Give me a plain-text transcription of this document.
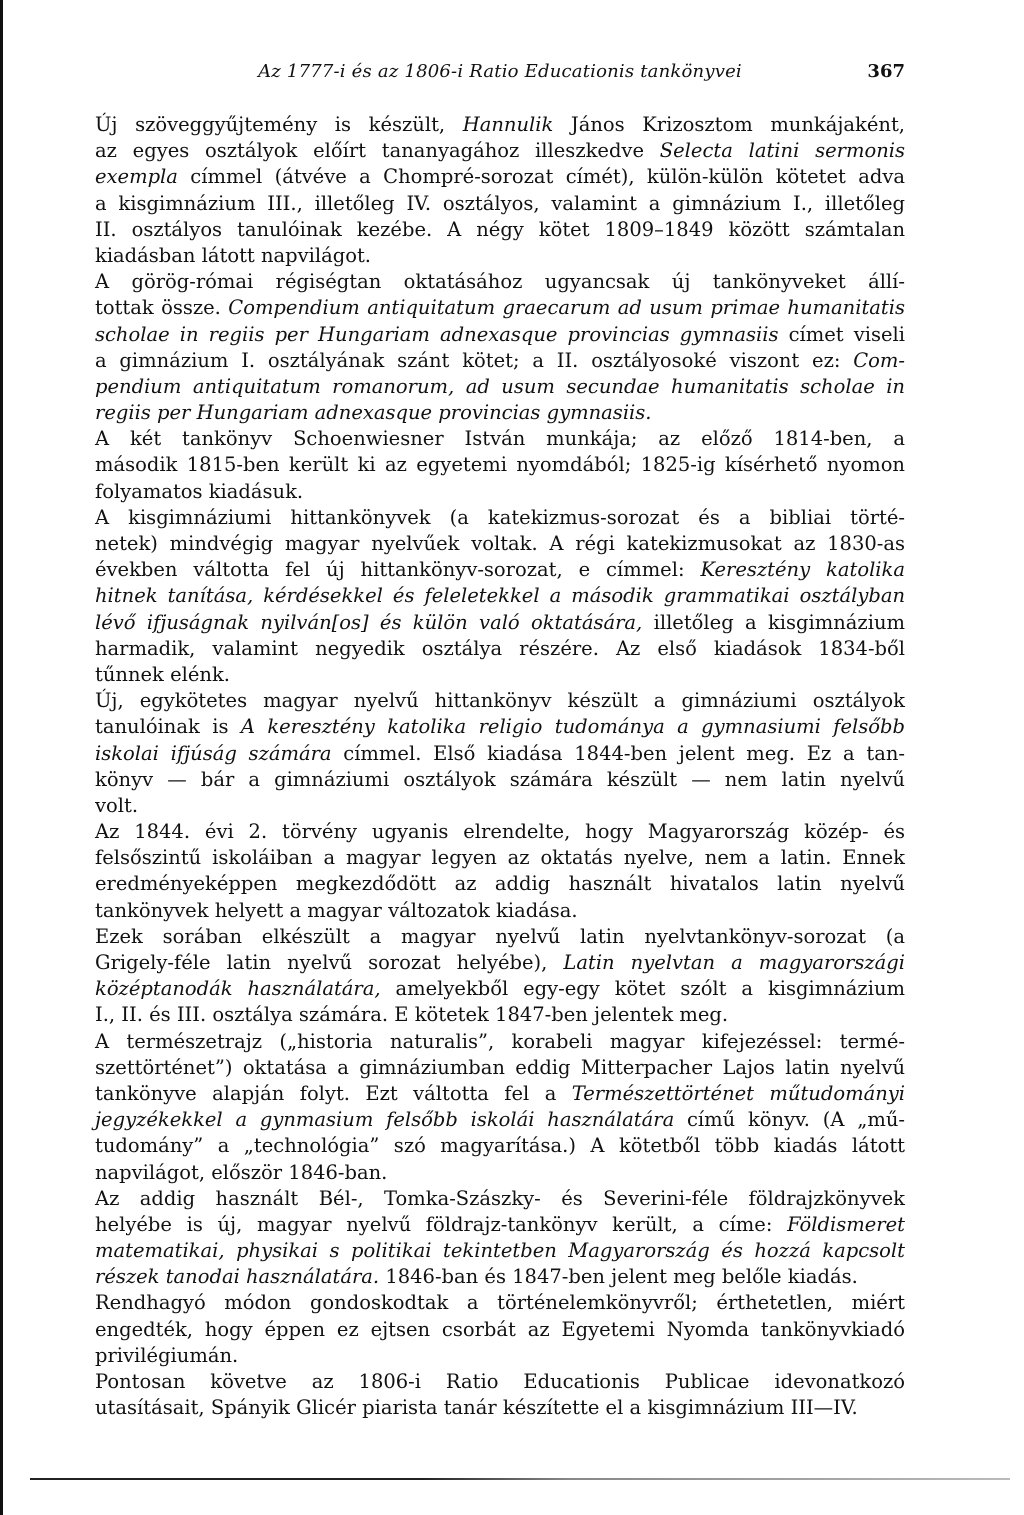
Az 1777-i és az 1806-i Ratio Educationis tankönyvei	367
Új szöveggyűjtemény is készült, Hannulik János Krizosztom munkájaként,
az egyes osztályok előírt tananyagához illeszkedve Selecta latini sermonis
exempla címmel (átvéve a Chompré-sorozat címét), külön-külön kötetet adva
a kisgimnázium III., illetőleg IV. osztályos, valamint a gimnázium I., illetőleg
II. osztályos tanulóinak kezébe. A négy kötet 1809–1849 között számtalan
kiadásban látott napvilágot.
A görög-római régiségtan oktatásához ugyancsak új tankönyveket állí-
tottak össze. Compendium antiquitatum graecarum ad usum primae humanitatis
scholae in regiis per Hungariam adnexasque provincias gymnasiis címet viseli
a gimnázium I. osztályának szánt kötet; a II. osztályosoké viszont ez: Com-
pendium antiquitatum romanorum, ad usum secundae humanitatis scholae in
regiis per Hungariam adnexasque provincias gymnasiis.
A két tankönyv Schoenwiesner István munkája; az előző 1814-ben, a
második 1815-ben került ki az egyetemi nyomdából; 1825-ig kísérhető nyomon
folyamatos kiadásuk.
A kisgimnáziumi hittankönyvek (a katekizmus-sorozat és a bibliai törté-
netek) mindvégig magyar nyelvűek voltak. A régi katekizmusokat az 1830-as
években váltotta fel új hittankönyv-sorozat, e címmel: Keresztény katolika
hitnek tanítása, kérdésekkel és feleletekkel a második grammatikai osztályban
lévő ifjuságnak nyilván[os] és külön való oktatására, illetőleg a kisgimnázium
harmadik, valamint negyedik osztálya részére. Az első kiadások 1834-ből
tűnnek elénk.
Új, egykötetes magyar nyelvű hittankönyv készült a gimnáziumi osztályok
tanulóinak is A keresztény katolika religio tudománya a gymnasiumi felsőbb
iskolai ifjúság számára címmel. Első kiadása 1844-ben jelent meg. Ez a tan-
könyv — bár a gimnáziumi osztályok számára készült — nem latin nyelvű
volt.
Az 1844. évi 2. törvény ugyanis elrendelte, hogy Magyarország közép- és
felsőszintű iskoláiban a magyar legyen az oktatás nyelve, nem a latin. Ennek
eredményeképpen megkezdődött az addig használt hivatalos latin nyelvű
tankönyvek helyett a magyar változatok kiadása.
Ezek sorában elkészült a magyar nyelvű latin nyelvtankönyv-sorozat (a
Grigely-féle latin nyelvű sorozat helyébe), Latin nyelvtan a magyarországi
középtanodák használatára, amelyekből egy-egy kötet szólt a kisgimnázium
I., II. és III. osztálya számára. E kötetek 1847-ben jelentek meg.
A természetrajz („historia naturalis”, korabeli magyar kifejezéssel: termé-
szettörténet”) oktatása a gimnáziumban eddig Mitterpacher Lajos latin nyelvű
tankönyve alapján folyt. Ezt váltotta fel a Természettörténet műtudományi
jegyzékekkel a gynmasium felsőbb iskolái használatára című könyv. (A „mű-
tudomány” a „technológia” szó magyarítása.) A kötetből több kiadás látott
napvilágot, először 1846-ban.
Az addig használt Bél-, Tomka-Szászky- és Severini-féle földrajzkönyvek
helyébe is új, magyar nyelvű földrajz-tankönyv került, a címe: Földismeret
matematikai, physikai s politikai tekintetben Magyarország és hozzá kapcsolt
részek tanodai használatára. 1846-ban és 1847-ben jelent meg belőle kiadás.
Rendhagyó módon gondoskodtak a történelemkönyvről; érthetetlen, miért
engedték, hogy éppen ez ejtsen csorbát az Egyetemi Nyomda tankönyvkiadó
privilégiumán.
Pontosan követve az 1806-i Ratio Educationis Publicae idevonatkozó
utasításait, Spányik Glicér piarista tanár készítette el a kisgimnázium III—IV.
